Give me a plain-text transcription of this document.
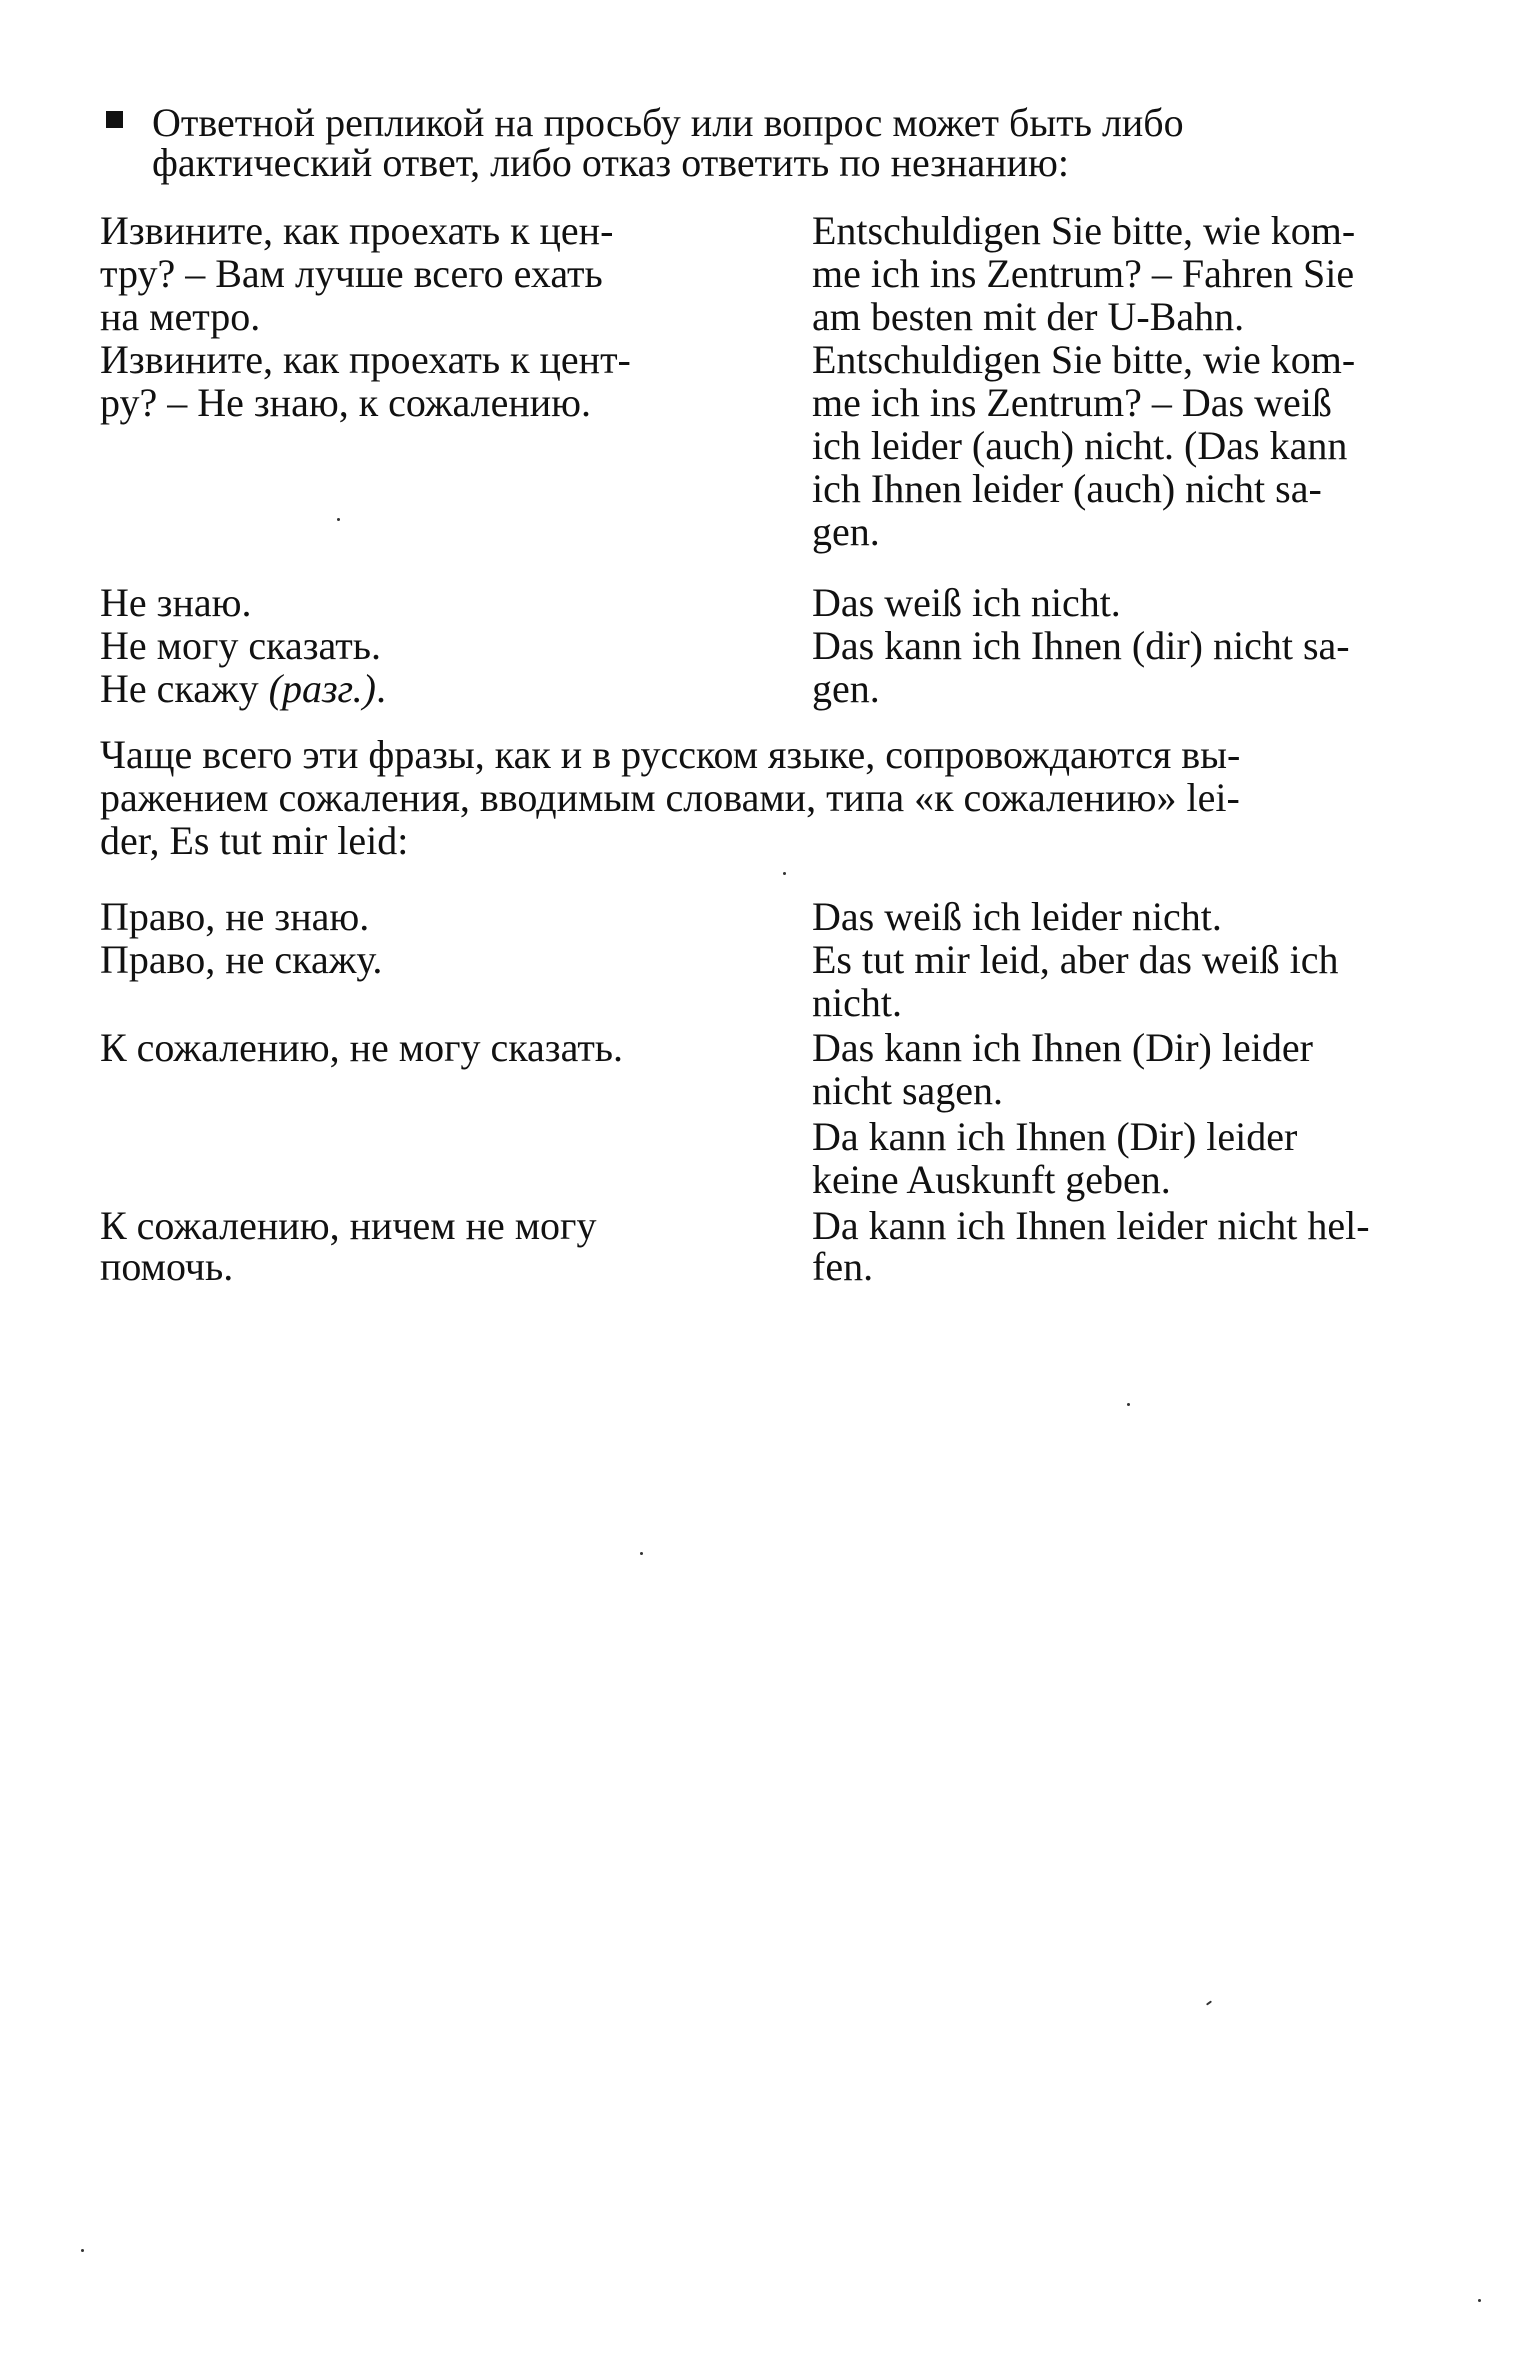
Ответной репликой на просьбу или вопрос может быть либо
фактический ответ, либо отказ ответить по незнанию:
Извините, как проехать к цен-
тру? – Вам лучше всего ехать
на метро.
Извините, как проехать к цент-
ру? – Не знаю, к сожалению.
Не знаю.
Не могу сказать.
Не скажу (разг.).
Entschuldigen Sie bitte, wie kom-
me ich ins Zentrum? – Fahren Sie
am besten mit der U-Bahn.
Entschuldigen Sie bitte, wie kom-
me ich ins Zentrum? – Das weiß
ich leider (auch) nicht. (Das kann
ich Ihnen leider (auch) nicht sa-
gen.
Das weiß ich nicht.
Das kann ich Ihnen (dir) nicht sa-
gen.
Чаще всего эти фразы, как и в русском языке, сопровождаются вы-
ражением сожаления, вводимым словами, типа «к сожалению» lei-
der, Es tut mir leid:
Право, не знаю.
Право, не скажу.
К сожалению, не могу сказать.
К сожалению, ничем не могу
помочь.
Das weiß ich leider nicht.
Es tut mir leid, aber das weiß ich
nicht.
Das kann ich Ihnen (Dir) leider
nicht sagen.
Da kann ich Ihnen (Dir) leider
keine Auskunft geben.
Da kann ich Ihnen leider nicht hel-
fen.
